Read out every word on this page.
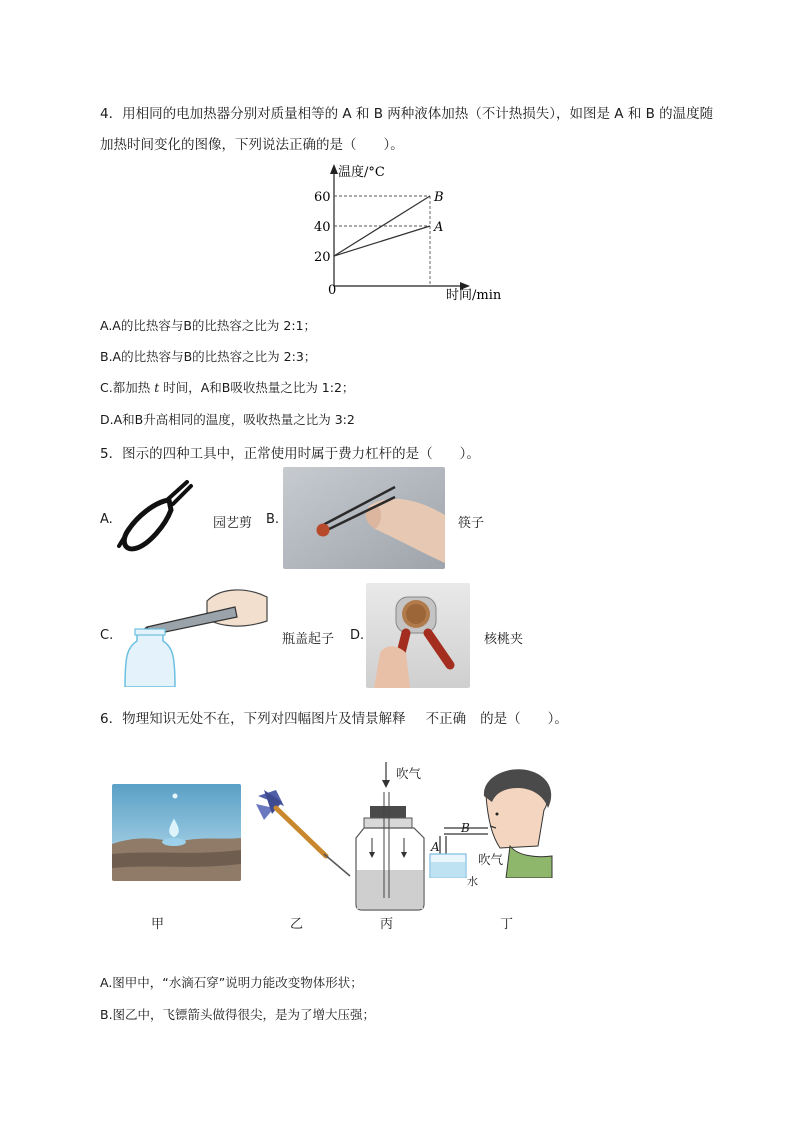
4．用相同的电加热器分别对质量相等的 A 和 B 两种液体加热（不计热损失），如图是 A 和 B 的温度随
加热时间变化的图像，下列说法正确的是（　　）。
60
40
20
0
B
A
温度/°C
时间/min
A.A的比热容与B的比热容之比为 2:1；
B.A的比热容与B的比热容之比为 2:3；
C.都加热 t 时间，A和B吸收热量之比为 1:2；
D.A和B升高相同的温度，吸收热量之比为 3:2
5．图示的四种工具中，正常使用时属于费力杠杆的是（　　）。
A.	园艺剪 B.	筷子
C.	瓶盖起子 D.	核桃夹
6．物理知识无处不在，下列对四幅图片及情景解释 不正确 的是（　　）。
吹气
B
A
吹气
水
甲	乙	丙	丁
A.图甲中，“水滴石穿”说明力能改变物体形状；
B.图乙中，飞镖箭头做得很尖，是为了增大压强；
